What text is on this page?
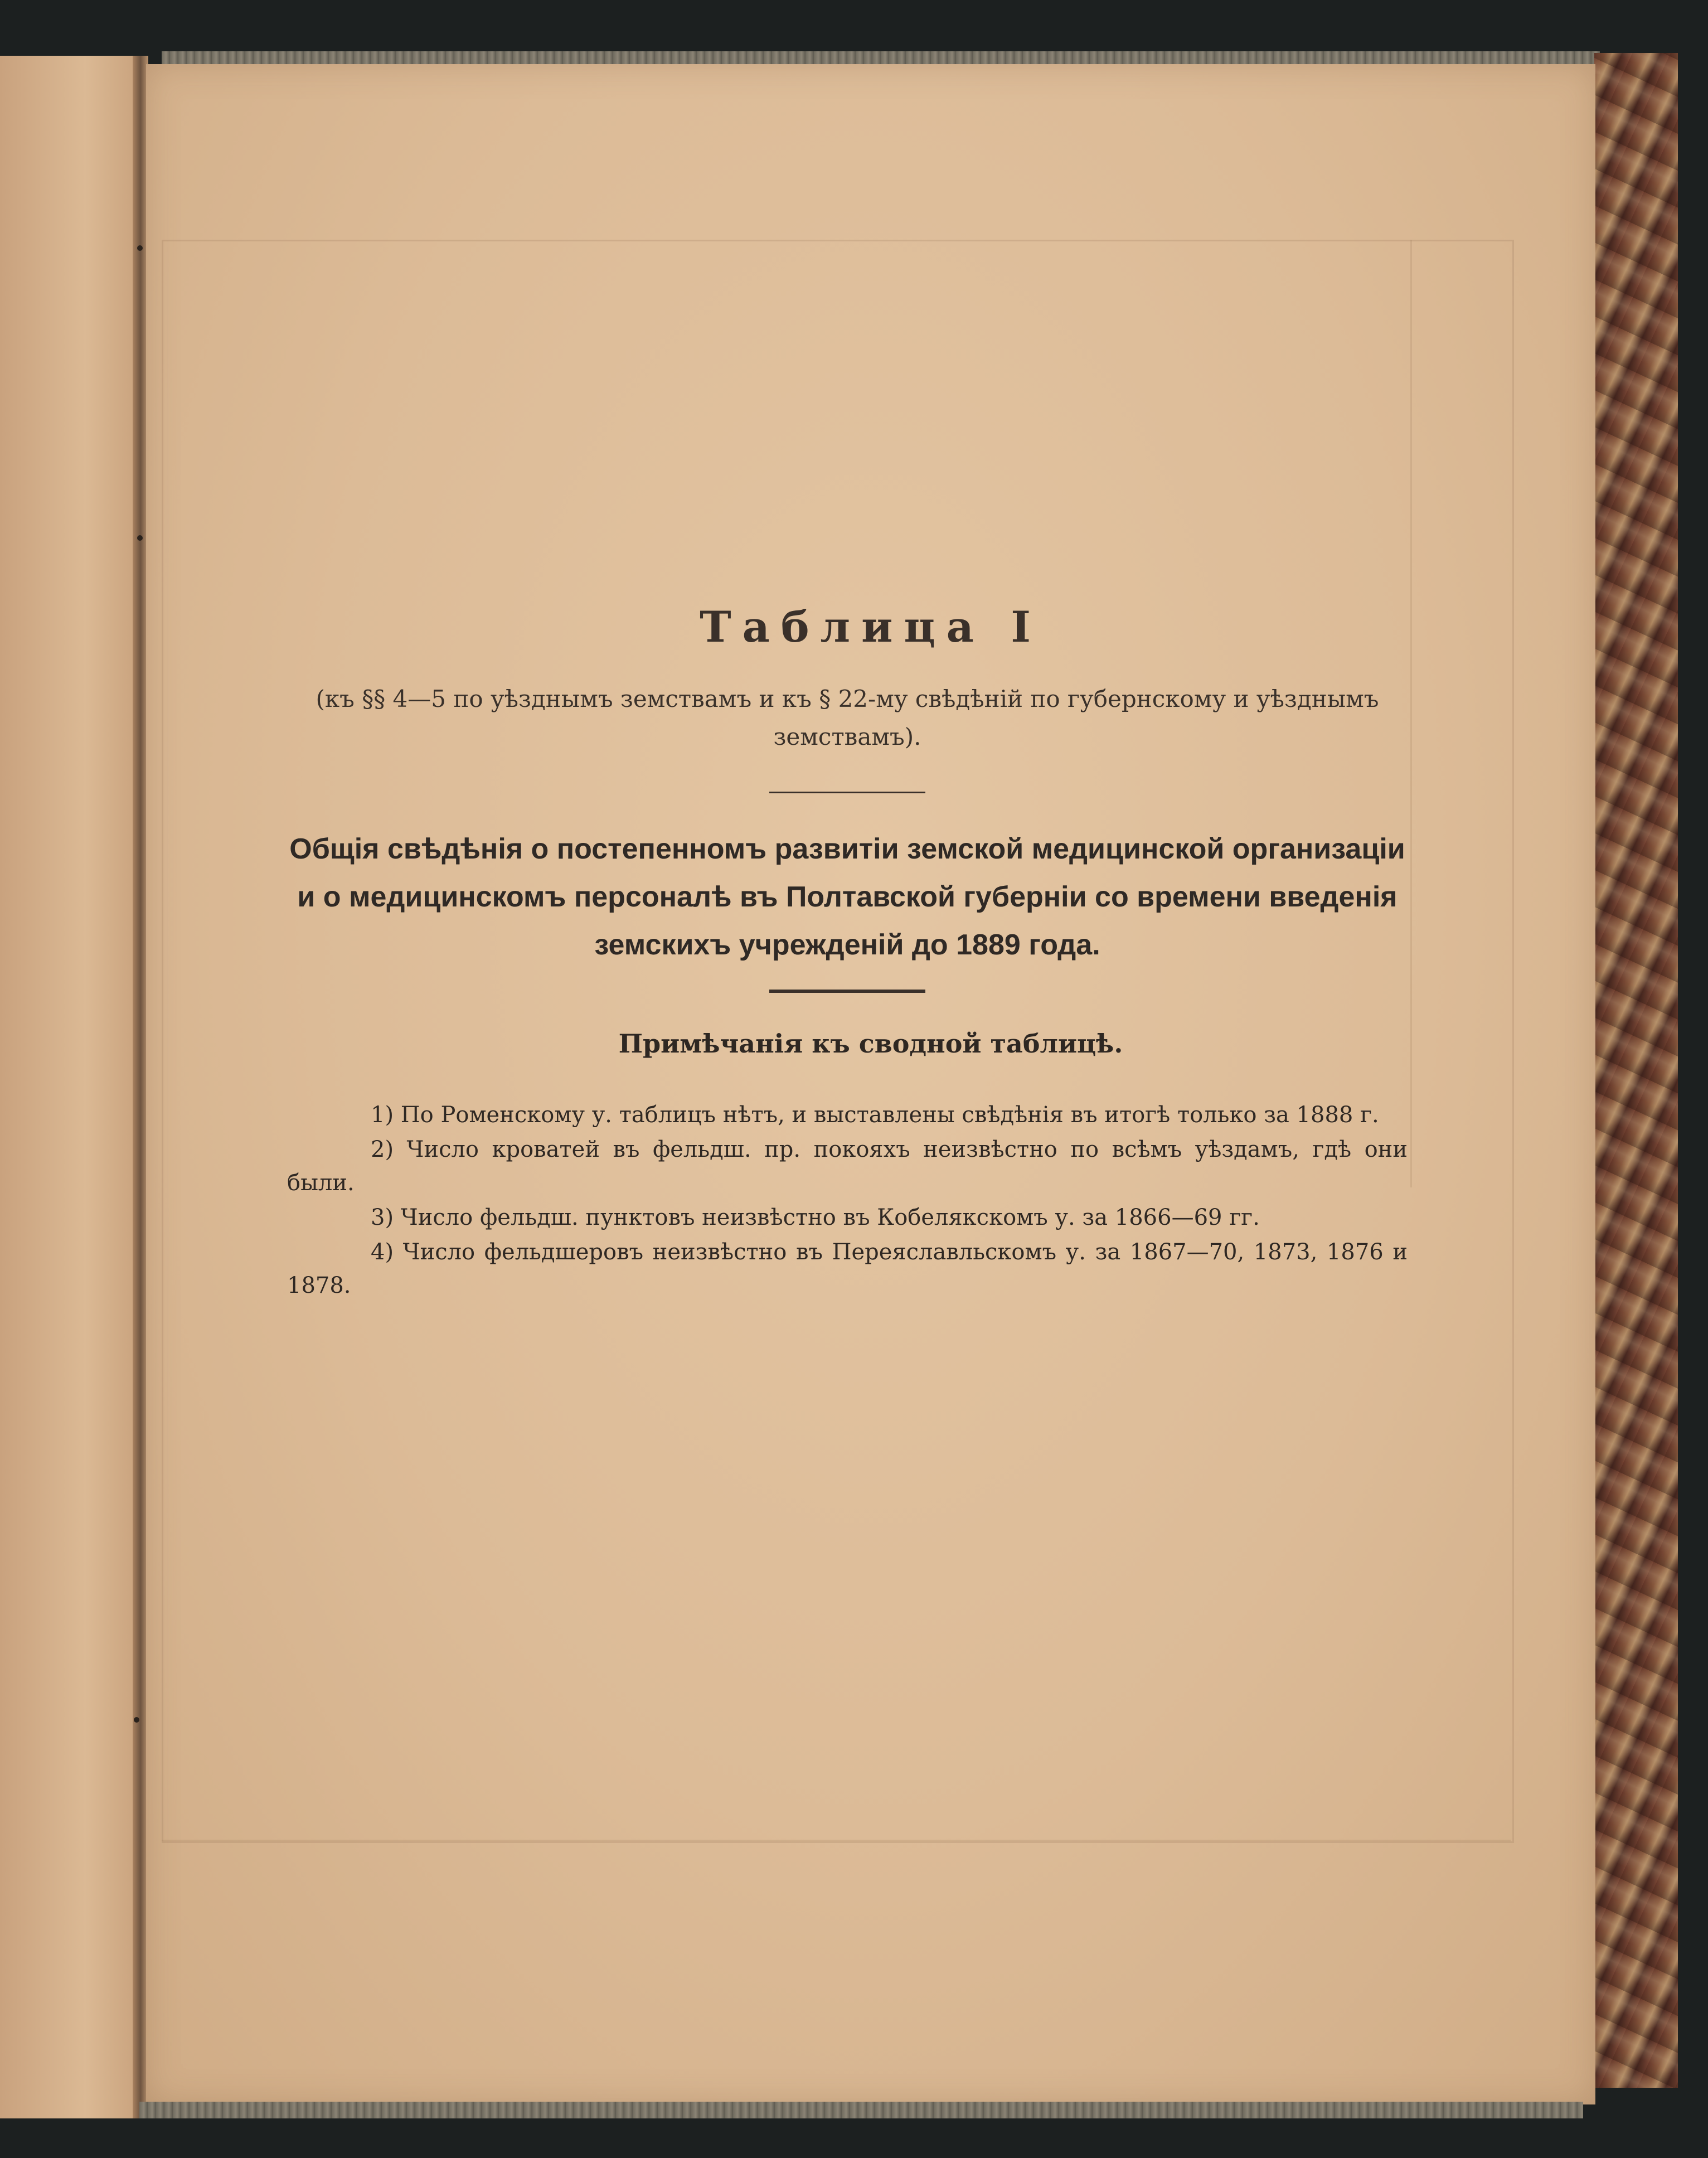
Таблица I
(къ §§ 4—5 по уѣзднымъ земствамъ и къ § 22-му свѣдѣній по губернскому и уѣзднымъ земствамъ).
Общія свѣдѣнія о постепенномъ развитіи земской медицинской организаціи и о медицинскомъ персоналѣ въ Полтавской губерніи со времени введенія земскихъ учрежденій до 1889 года.
Примѣчанія къ сводной таблицѣ.

1) По Роменскому у. таблицъ нѣтъ, и выставлены свѣдѣнія въ итогѣ только за 1888 г.

2) Число кроватей въ фельдш. пр. покояхъ неизвѣстно по всѣмъ уѣздамъ, гдѣ они были.

3) Число фельдш. пунктовъ неизвѣстно въ Кобелякскомъ у. за 1866—69 гг.

4) Число фельдшеровъ неизвѣстно въ Переяславльскомъ у. за 1867—70, 1873, 1876 и 1878.
